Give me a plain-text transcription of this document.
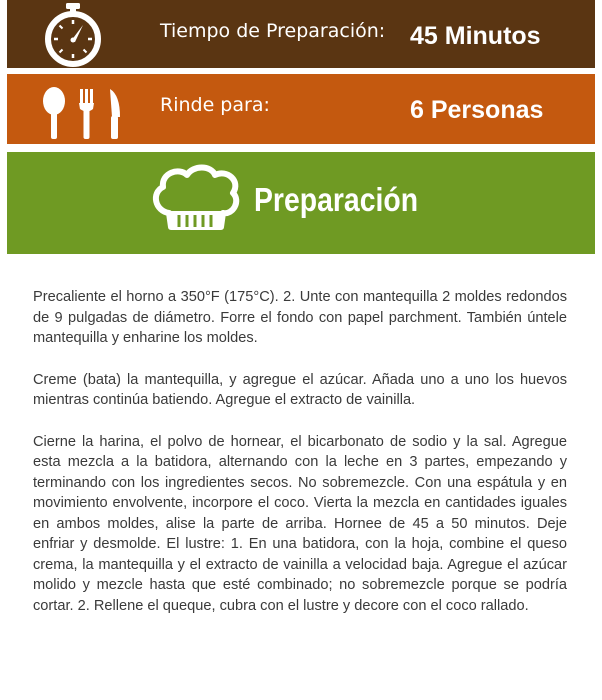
Tiempo de Preparación: 45 Minutos
Rinde para:	6 Personas
Preparación

Precaliente el horno a 350°F (175°C). 2. Unte con mantequilla 2 moldes redondos de 9 pulgadas de diámetro. Forre el fondo con papel parchment. También úntele mantequilla y enharine los moldes.

Creme (bata) la mantequilla, y agregue el azúcar. Añada uno a uno los huevos mientras continúa batiendo. Agregue el extracto de vainilla.

Cierne la harina, el polvo de hornear, el bicarbonato de sodio y la sal. Agregue esta mezcla a la batidora, alternando con la leche en 3 partes, empezando y terminando con los ingredientes secos. No sobremezcle. Con una espátula y en movimiento envolvente, incorpore el coco. Vierta la mezcla en cantidades iguales en ambos moldes, alise la parte de arriba. Hornee de 45 a 50 minutos. Deje enfriar y desmolde. El lustre: 1. En una batidora, con la hoja, combine el queso crema, la mantequilla y el extracto de vainilla a velocidad baja. Agregue el azúcar molido y mezcle hasta que esté combinado; no sobremezcle porque se podría cortar. 2. Rellene el queque, cubra con el lustre y decore con el coco rallado.
